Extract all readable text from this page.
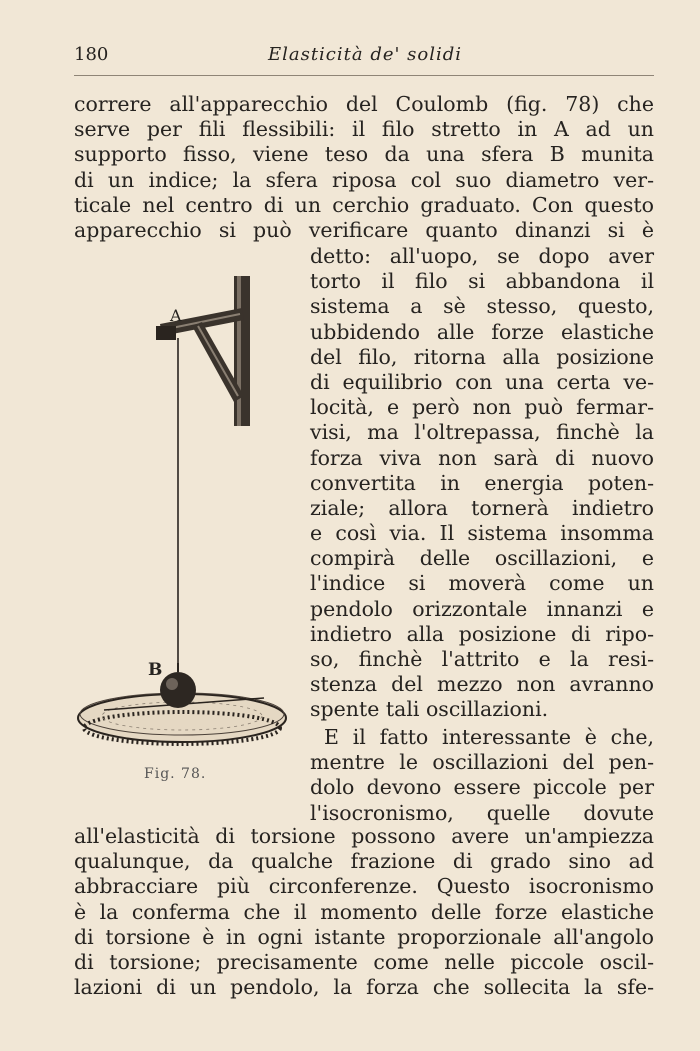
180	Elasticità de' solidi

correre all'apparecchio del Coulomb (fig. 78) che
serve per fili flessibili: il filo stretto in A ad un
supporto fisso, viene teso da una sfera B munita
di un indice; la sfera riposa col suo diametro ver-
ticale nel centro di un cerchio graduato. Con questo
apparecchio si può verificare quanto dinanzi si è

A
B

detto: all'uopo, se dopo aver
torto il filo si abbandona il
sistema a sè stesso, questo,
ubbidendo alle forze elastiche
del filo, ritorna alla posizione
di equilibrio con una certa ve-
locità, e però non può fermar-
visi, ma l'oltrepassa, finchè la
forza viva non sarà di nuovo
convertita in energia poten-
ziale; allora tornerà indietro
e così via. Il sistema insomma
compirà delle oscillazioni, e
l'indice si moverà come un
pendolo orizzontale innanzi e
indietro alla posizione di ripo-
so, finchè l'attrito e la resi-
stenza del mezzo non avranno
spente tali oscillazioni.

E il fatto interessante è che,
mentre le oscillazioni del pen-
dolo devono essere piccole per
l'isocronismo, quelle dovute

Fig. 78.

all'elasticità di torsione possono avere un'ampiezza
qualunque, da qualche frazione di grado sino ad
abbracciare più circonferenze. Questo isocronismo
è la conferma che il momento delle forze elastiche
di torsione è in ogni istante proporzionale all'angolo
di torsione; precisamente come nelle piccole oscil-
lazioni di un pendolo, la forza che sollecita la sfe-
